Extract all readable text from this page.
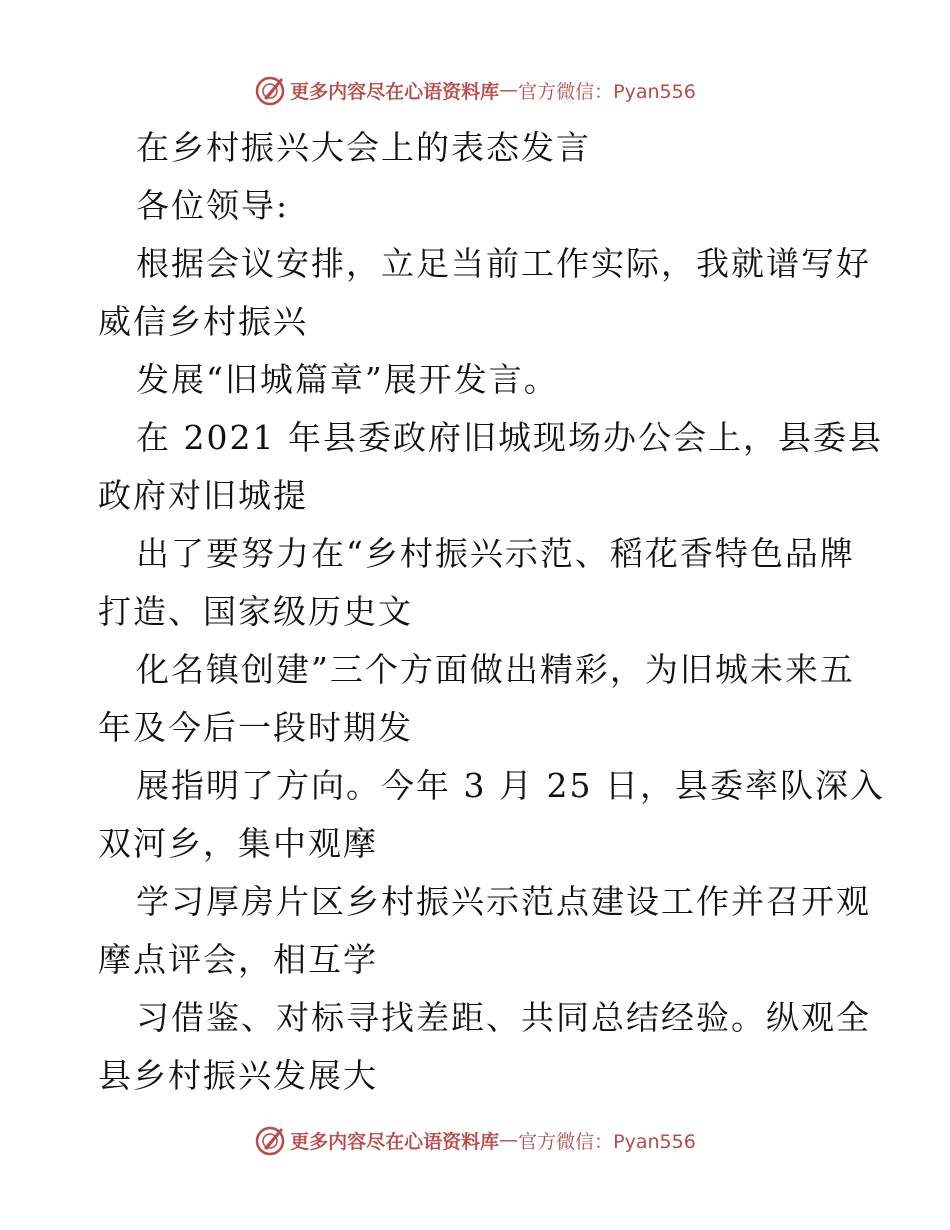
更多内容尽在心语资料库 — 官方微信：Pyan556
在乡村振兴大会上的表态发言
各位领导:
根据会议安排，立足当前工作实际，我就谱写好
威信乡村振兴
发展“旧城篇章”展开发言。
在 2021 年县委政府旧城现场办公会上，县委县
政府对旧城提
出了要努力在“乡村振兴示范、稻花香特色品牌
打造、国家级历史文
化名镇创建”三个方面做出精彩，为旧城未来五
年及今后一段时期发
展指明了方向。今年 3 月 25 日，县委率队深入
双河乡，集中观摩
学习厚房片区乡村振兴示范点建设工作并召开观
摩点评会，相互学
习借鉴、对标寻找差距、共同总结经验。纵观全
县乡村振兴发展大
更多内容尽在心语资料库 — 官方微信：Pyan556
